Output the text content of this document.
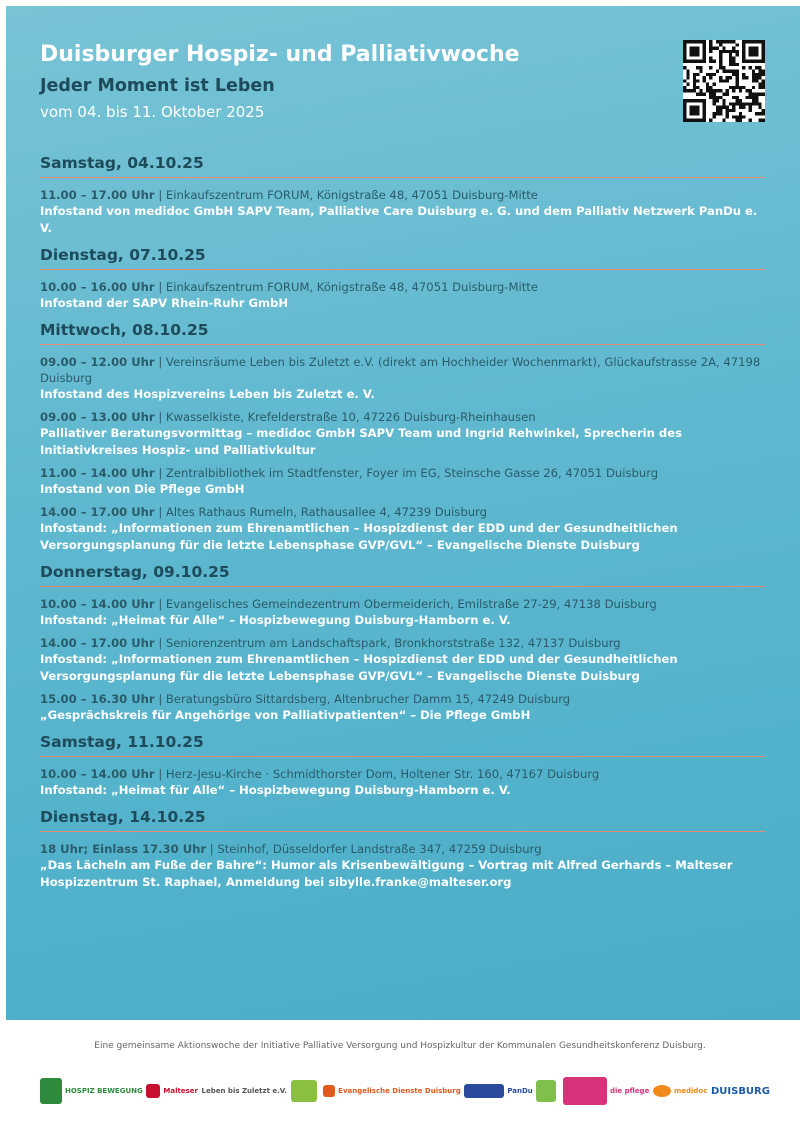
Duisburger Hospiz- und Palliativwoche
Jeder Moment ist Leben
vom 04. bis 11. Oktober 2025
Samstag, 04.10.25
11.00 – 17.00 Uhr | Einkaufszentrum FORUM, Königstraße 48, 47051 Duisburg-Mitte
Infostand von medidoc GmbH SAPV Team, Palliative Care Duisburg e. G. und dem Palliativ Netzwerk PanDu e. V.
Dienstag, 07.10.25
10.00 – 16.00 Uhr | Einkaufszentrum FORUM, Königstraße 48, 47051 Duisburg-Mitte
Infostand der SAPV Rhein-Ruhr GmbH
Mittwoch, 08.10.25
09.00 – 12.00 Uhr | Vereinsräume Leben bis Zuletzt e.V. (direkt am Hochheider Wochenmarkt), Glückaufstrasse 2A, 47198 Duisburg
Infostand des Hospizvereins Leben bis Zuletzt e. V.
09.00 – 13.00 Uhr | Kwasselkiste, Krefelderstraße 10, 47226 Duisburg-Rheinhausen
Palliativer Beratungsvormittag – medidoc GmbH SAPV Team und Ingrid Rehwinkel, Sprecherin des Initiativkreises Hospiz- und Palliativkultur
11.00 – 14.00 Uhr | Zentralbibliothek im Stadtfenster, Foyer im EG, Steinsche Gasse 26, 47051 Duisburg
Infostand von Die Pflege GmbH
14.00 – 17.00 Uhr | Altes Rathaus Rumeln, Rathausallee 4, 47239 Duisburg
Infostand: „Informationen zum Ehrenamtlichen – Hospizdienst der EDD und der Gesundheitlichen Versorgungsplanung für die letzte Lebensphase GVP/GVL“ – Evangelische Dienste Duisburg
Donnerstag, 09.10.25
10.00 – 14.00 Uhr | Evangelisches Gemeindezentrum Obermeiderich, Emilstraße 27-29, 47138 Duisburg
Infostand: „Heimat für Alle“ – Hospizbewegung Duisburg-Hamborn e. V.
14.00 – 17.00 Uhr | Seniorenzentrum am Landschaftspark, Bronkhorststraße 132, 47137 Duisburg
Infostand: „Informationen zum Ehrenamtlichen – Hospizdienst der EDD und der Gesundheitlichen Versorgungsplanung für die letzte Lebensphase GVP/GVL“ – Evangelische Dienste Duisburg
15.00 – 16.30 Uhr | Beratungsbüro Sittardsberg, Altenbrucher Damm 15, 47249 Duisburg
„Gesprächskreis für Angehörige von Palliativpatienten“ – Die Pflege GmbH
Samstag, 11.10.25
10.00 – 14.00 Uhr | Herz-Jesu-Kirche · Schmidthorster Dom, Holtener Str. 160, 47167 Duisburg
Infostand: „Heimat für Alle“ – Hospizbewegung Duisburg-Hamborn e. V.
Dienstag, 14.10.25
18 Uhr; Einlass 17.30 Uhr | Steinhof, Düsseldorfer Landstraße 347, 47259 Duisburg
„Das Lächeln am Fuße der Bahre“: Humor als Krisenbewältigung – Vortrag mit Alfred Gerhards – Malteser Hospizzentrum St. Raphael, Anmeldung bei sibylle.franke@malteser.org
Eine gemeinsame Aktionswoche der Initiative Palliative Versorgung und Hospizkultur der Kommunalen Gesundheitskonferenz Duisburg.
HOSPIZ BEWEGUNG	Malteser Leben bis Zuletzt e.V.	Evangelische Dienste Duisburg	PanDu	die pflege	medidoc DUISBURG
